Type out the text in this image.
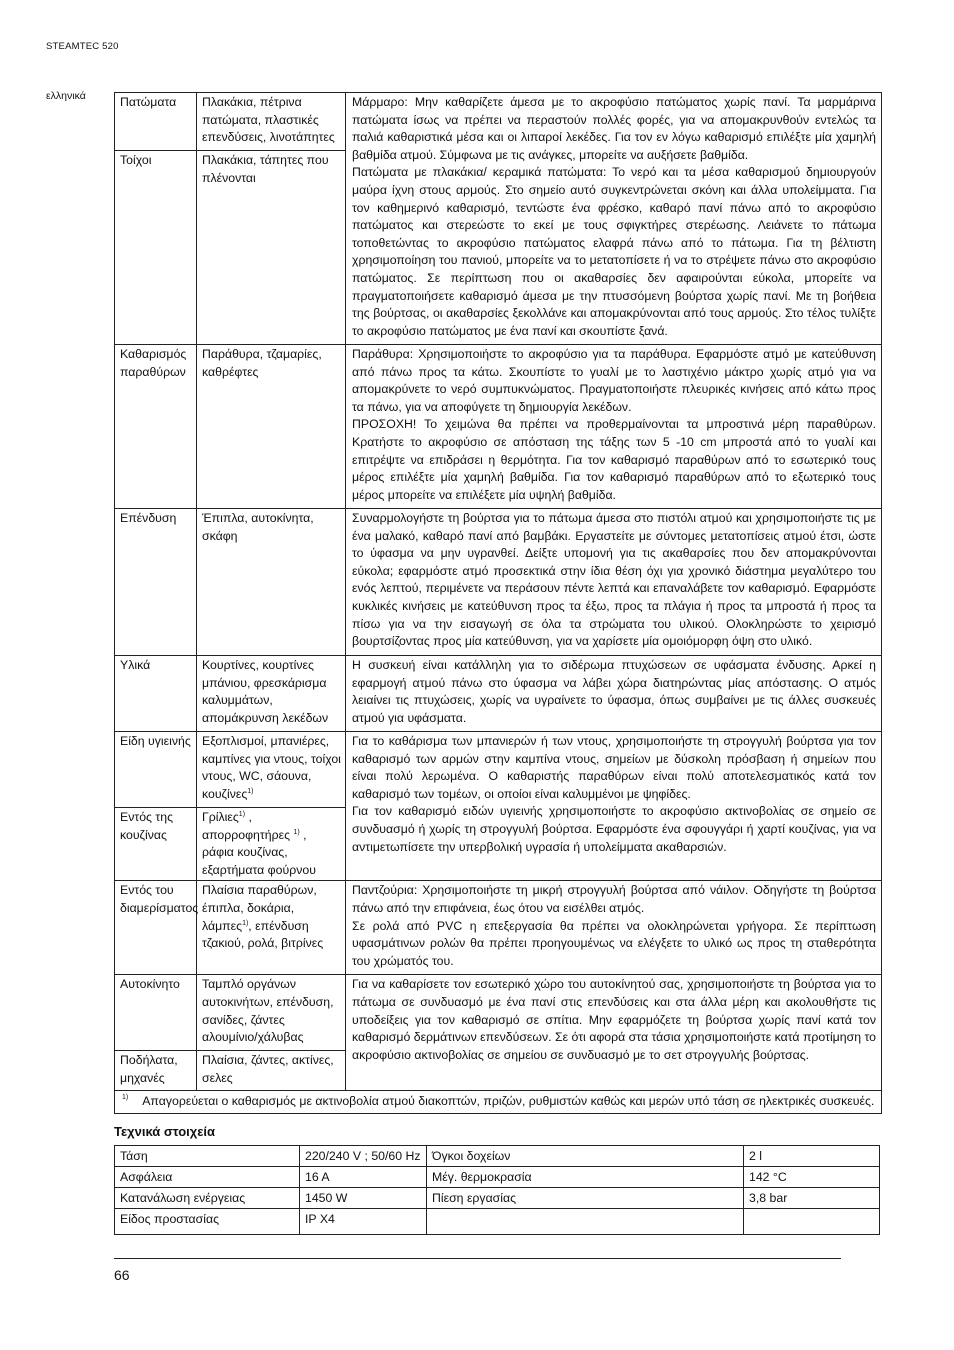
STEAMTEC 520
ελληνικά	Πατώματα	Πλακάκια, πέτρινα πατώματα, πλαστικές επενδύσεις, λινοτάπητες	Μάρμαρο: Μην καθαρίζετε άμεσα με το ακροφύσιο πατώματος χωρίς πανί. Τα μαρμάρινα πατώματα ίσως να πρέπει να περαστούν πολλές φορές, για να απομακρυνθούν εντελώς τα παλιά καθαριστικά μέσα και οι λιπαροί λεκέδες. Για τον εν λόγω καθαρισμό επιλέξτε μία χαμηλή βαθμίδα ατμού. Σύμφωνα με τις ανάγκες, μπορείτε να αυξήσετε βαθμίδα.

Πατώματα με πλακάκια/ κεραμικά πατώματα: Το νερό και τα μέσα καθαρισμού δημιουργούν μαύρα ίχνη στους αρμούς. Στο σημείο αυτό συγκεντρώνεται σκόνη και άλλα υπολείμματα. Για τον καθημερινό καθαρισμό, τεντώστε ένα φρέσκο, καθαρό πανί πάνω από το ακροφύσιο πατώματος και στερεώστε το εκεί με τους σφιγκτήρες στερέωσης. Λειάνετε το πάτωμα τοποθετώντας το ακροφύσιο πατώματος ελαφρά πάνω από το πάτωμα. Για τη βέλτιστη χρησιμοποίηση του πανιού, μπορείτε να το μετατοπίσετε ή να το στρέψετε πάνω στο ακροφύσιο πατώματος. Σε περίπτωση που οι ακαθαρσίες δεν αφαιρούνται εύκολα, μπορείτε να πραγματοποιήσετε καθαρισμό άμεσα με την πτυσσόμενη βούρτσα χωρίς πανί. Με τη βοήθεια της βούρτσας, οι ακαθαρσίες ξεκολλάνε και απομακρύνονται από τους αρμούς. Στο τέλος τυλίξτε το ακροφύσιο πατώματος με ένα πανί και σκουπίστε ξανά.

Τοίχοι	Πλακάκια, τάπητες που πλένονται	
Καθαρισμός παραθύρων	Παράθυρα, τζαμαρίες, καθρέφτες	Παράθυρα: Χρησιμοποιήστε το ακροφύσιο για τα παράθυρα. Εφαρμόστε ατμό με κατεύθυνση από πάνω προς τα κάτω. Σκουπίστε το γυαλί με το λαστιχένιο μάκτρο χωρίς ατμό για να απομακρύνετε το νερό συμπυκνώματος. Πραγματοποιήστε πλευρικές κινήσεις από κάτω προς τα πάνω, για να αποφύγετε τη δημιουργία λεκέδων.

ΠΡΟΣΟΧΗ! Το χειμώνα θα πρέπει να προθερμαίνονται τα μπροστινά μέρη παραθύρων. Κρατήστε το ακροφύσιο σε απόσταση της τάξης των 5 -10 cm μπροστά από το γυαλί και επιτρέψτε να επιδράσει η θερμότητα. Για τον καθαρισμό παραθύρων από το εσωτερικό τους μέρος επιλέξτε μία χαμηλή βαθμίδα. Για τον καθαρισμό παραθύρων από το εξωτερικό τους μέρος μπορείτε να επιλέξετε μία υψηλή βαθμίδα.

Επένδυση	Έπιπλα, αυτοκίνητα, σκάφη	Συναρμολογήστε τη βούρτσα για το πάτωμα άμεσα στο πιστόλι ατμού και χρησιμοποιήστε τις με ένα μαλακό, καθαρό πανί από βαμβάκι. Εργαστείτε με σύντομες μετατοπίσεις ατμού έτσι, ώστε το ύφασμα να μην υγρανθεί. Δείξτε υπομονή για τις ακαθαρσίες που δεν απομακρύνονται εύκολα; εφαρμόστε ατμό προσεκτικά στην ίδια θέση όχι για χρονικό διάστημα μεγαλύτερο του ενός λεπτού, περιμένετε να περάσουν πέντε λεπτά και επαναλάβετε τον καθαρισμό. Εφαρμόστε κυκλικές κινήσεις με κατεύθυνση προς τα έξω, προς τα πλάγια ή προς τα μπροστά ή προς τα πίσω για να την εισαγωγή σε όλα τα στρώματα του υλικού. Ολοκληρώστε το χειρισμό βουρτσίζοντας προς μία κατεύθυνση, για να χαρίσετε μία ομοιόμορφη όψη στο υλικό.

Υλικά	Κουρτίνες, κουρτίνες μπάνιου, φρεσκάρισμα καλυμμάτων, απομάκρυνση λεκέδων	Η συσκευή είναι κατάλληλη για το σιδέρωμα πτυχώσεων σε υφάσματα ένδυσης. Αρκεί η εφαρμογή ατμού πάνω στο ύφασμα να λάβει χώρα διατηρώντας μίας απόστασης. Ο ατμός λειαίνει τις πτυχώσεις, χωρίς να υγραίνετε το ύφασμα, όπως συμβαίνει με τις άλλες συσκευές ατμού για υφάσματα.

Είδη υγιεινής	Εξοπλισμοί, μπανιέρες, καμπίνες για ντους, τοίχοι ντους, WC, σάουνα, κουζίνες$^{1)}$	Για το καθάρισμα των μπανιερών ή των ντους, χρησιμοποιήστε τη στρογγυλή βούρτσα για τον καθαρισμό των αρμών στην καμπίνα ντους, σημείων με δύσκολη πρόσβαση ή σημείων που είναι πολύ λερωμένα. Ο καθαριστής παραθύρων είναι πολύ αποτελεσματικός κατά τον καθαρισμό των τομέων, οι οποίοι είναι καλυμμένοι με ψηφίδες.

Για τον καθαρισμό ειδών υγιεινής χρησιμοποιήστε το ακροφύσιο ακτινοβολίας σε σημείο σε συνδυασμό ή χωρίς τη στρογγυλή βούρτσα. Εφαρμόστε ένα σφουγγάρι ή χαρτί κουζίνας, για να αντιμετωπίσετε την υπερβολική υγρασία ή υπολείμματα ακαθαρσιών.

Εντός της κουζίνας	Γρίλιες$^{1)}$ , απορροφητήρες $^{1)}$ , ράφια κουζίνας, εξαρτήματα φούρνου	
Εντός του διαμερίσματος	Πλαίσια παραθύρων, έπιπλα, δοκάρια, λάμπες$^{1)}$, επένδυση τζακιού, ρολά, βιτρίνες	Παντζούρια: Χρησιμοποιήστε τη μικρή στρογγυλή βούρτσα από νάιλον. Οδηγήστε τη βούρτσα πάνω από την επιφάνεια, έως ότου να εισέλθει ατμός.

Σε ρολά από PVC η επεξεργασία θα πρέπει να ολοκληρώνεται γρήγορα. Σε περίπτωση υφασμάτινων ρολών θα πρέπει προηγουμένως να ελέγξετε το υλικό ως προς τη σταθερότητα του χρώματός του.

Αυτοκίνητο	Ταμπλό οργάνων αυτοκινήτων, επένδυση, σανίδες, ζάντες αλουμίνιο/χάλυβας	Για να καθαρίσετε τον εσωτερικό χώρο του αυτοκίνητού σας, χρησιμοποιήστε τη βούρτσα για το πάτωμα σε συνδυασμό με ένα πανί στις επενδύσεις και στα άλλα μέρη και ακολουθήστε τις υποδείξεις για τον καθαρισμό σε σπίτια. Μην εφαρμόζετε τη βούρτσα χωρίς πανί κατά τον καθαρισμό δερμάτινων επενδύσεων. Σε ότι αφορά στα τάσια χρησιμοποιήστε κατά προτίμηση το ακροφύσιο ακτινοβολίας σε σημείου σε συνδυασμό με το σετ στρογγυλής βούρτσας.

Ποδήλατα, μηχανές	Πλαίσια, ζάντες, ακτίνες, σελες	

1) Απαγορεύεται ο καθαρισμός με ακτινοβολία ατμού διακοπτών, πριζών, ρυθμιστών καθώς και μερών υπό τάση σε ηλεκτρικές συσκευές.		
Τεχνικά στοιχεία
Τάση	220/240 V ; 50/60 Hz	Όγκοι δοχείων	2 l
Ασφάλεια	16 A	Μέγ. θερμοκρασία	142 °C
Κατανάλωση ενέργειας	1450 W	Πίεση εργασίας	3,8 bar
Είδος προστασίας	IP X4		
66
